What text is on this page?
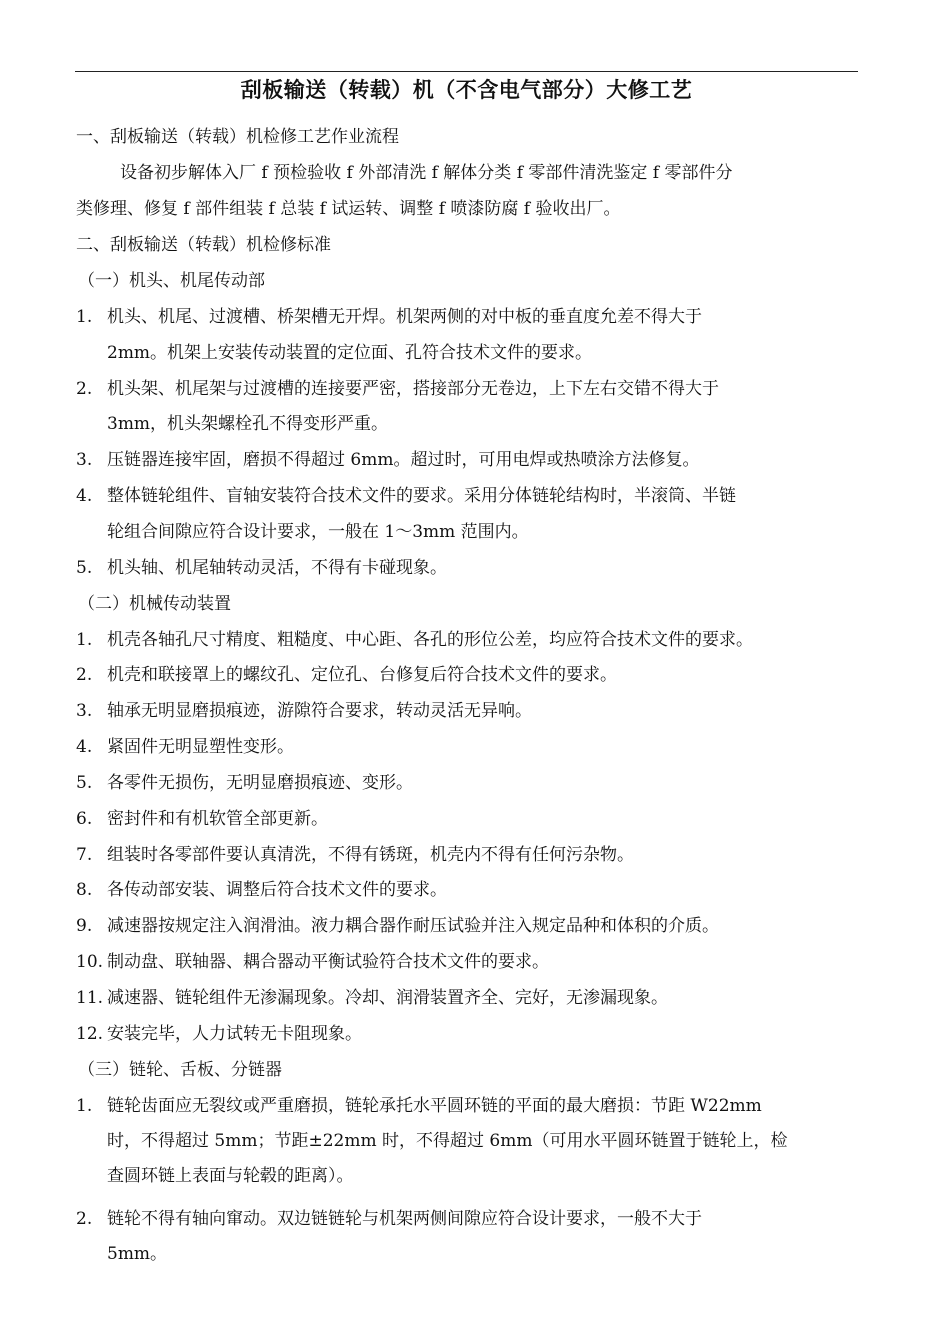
刮板输送（转载）机（不含电气部分）大修工艺
一、刮板输送（转载）机检修工艺作业流程
设备初步解体入厂 f 预检验收 f 外部清洗 f 解体分类 f 零部件清洗鉴定 f 零部件分
类修理、修复 f 部件组装 f 总装 f 试运转、调整 f 喷漆防腐 f 验收出厂。
二、刮板输送（转载）机检修标准
（一）机头、机尾传动部
1. 机头、机尾、过渡槽、桥架槽无开焊。机架两侧的对中板的垂直度允差不得大于
2mm。机架上安装传动装置的定位面、孔符合技术文件的要求。
2. 机头架、机尾架与过渡槽的连接要严密，搭接部分无卷边，上下左右交错不得大于
3mm，机头架螺栓孔不得变形严重。
3. 压链器连接牢固，磨损不得超过 6mm。超过时，可用电焊或热喷涂方法修复。
4. 整体链轮组件、盲轴安装符合技术文件的要求。采用分体链轮结构时，半滚筒、半链
轮组合间隙应符合设计要求，一般在 1〜3mm 范围内。
5. 机头轴、机尾轴转动灵活，不得有卡碰现象。
（二）机械传动装置
1. 机壳各轴孔尺寸精度、粗糙度、中心距、各孔的形位公差，均应符合技术文件的要求。
2. 机壳和联接罩上的螺纹孔、定位孔、台修复后符合技术文件的要求。
3. 轴承无明显磨损痕迹，游隙符合要求，转动灵活无异响。
4. 紧固件无明显塑性变形。
5. 各零件无损伤，无明显磨损痕迹、变形。
6. 密封件和有机软管全部更新。
7. 组装时各零部件要认真清洗，不得有锈斑，机壳内不得有任何污杂物。
8. 各传动部安装、调整后符合技术文件的要求。
9. 减速器按规定注入润滑油。液力耦合器作耐压试验并注入规定品种和体积的介质。
10. 制动盘、联轴器、耦合器动平衡试验符合技术文件的要求。
11. 减速器、链轮组件无渗漏现象。冷却、润滑装置齐全、完好，无渗漏现象。
12. 安装完毕，人力试转无卡阻现象。
（三）链轮、舌板、分链器
1. 链轮齿面应无裂纹或严重磨损，链轮承托水平圆环链的平面的最大磨损：节距 W22mm
时，不得超过 5mm；节距±22mm 时，不得超过 6mm（可用水平圆环链置于链轮上，检
查圆环链上表面与轮毂的距离）。
2. 链轮不得有轴向窜动。双边链链轮与机架两侧间隙应符合设计要求，一般不大于
5mm。
